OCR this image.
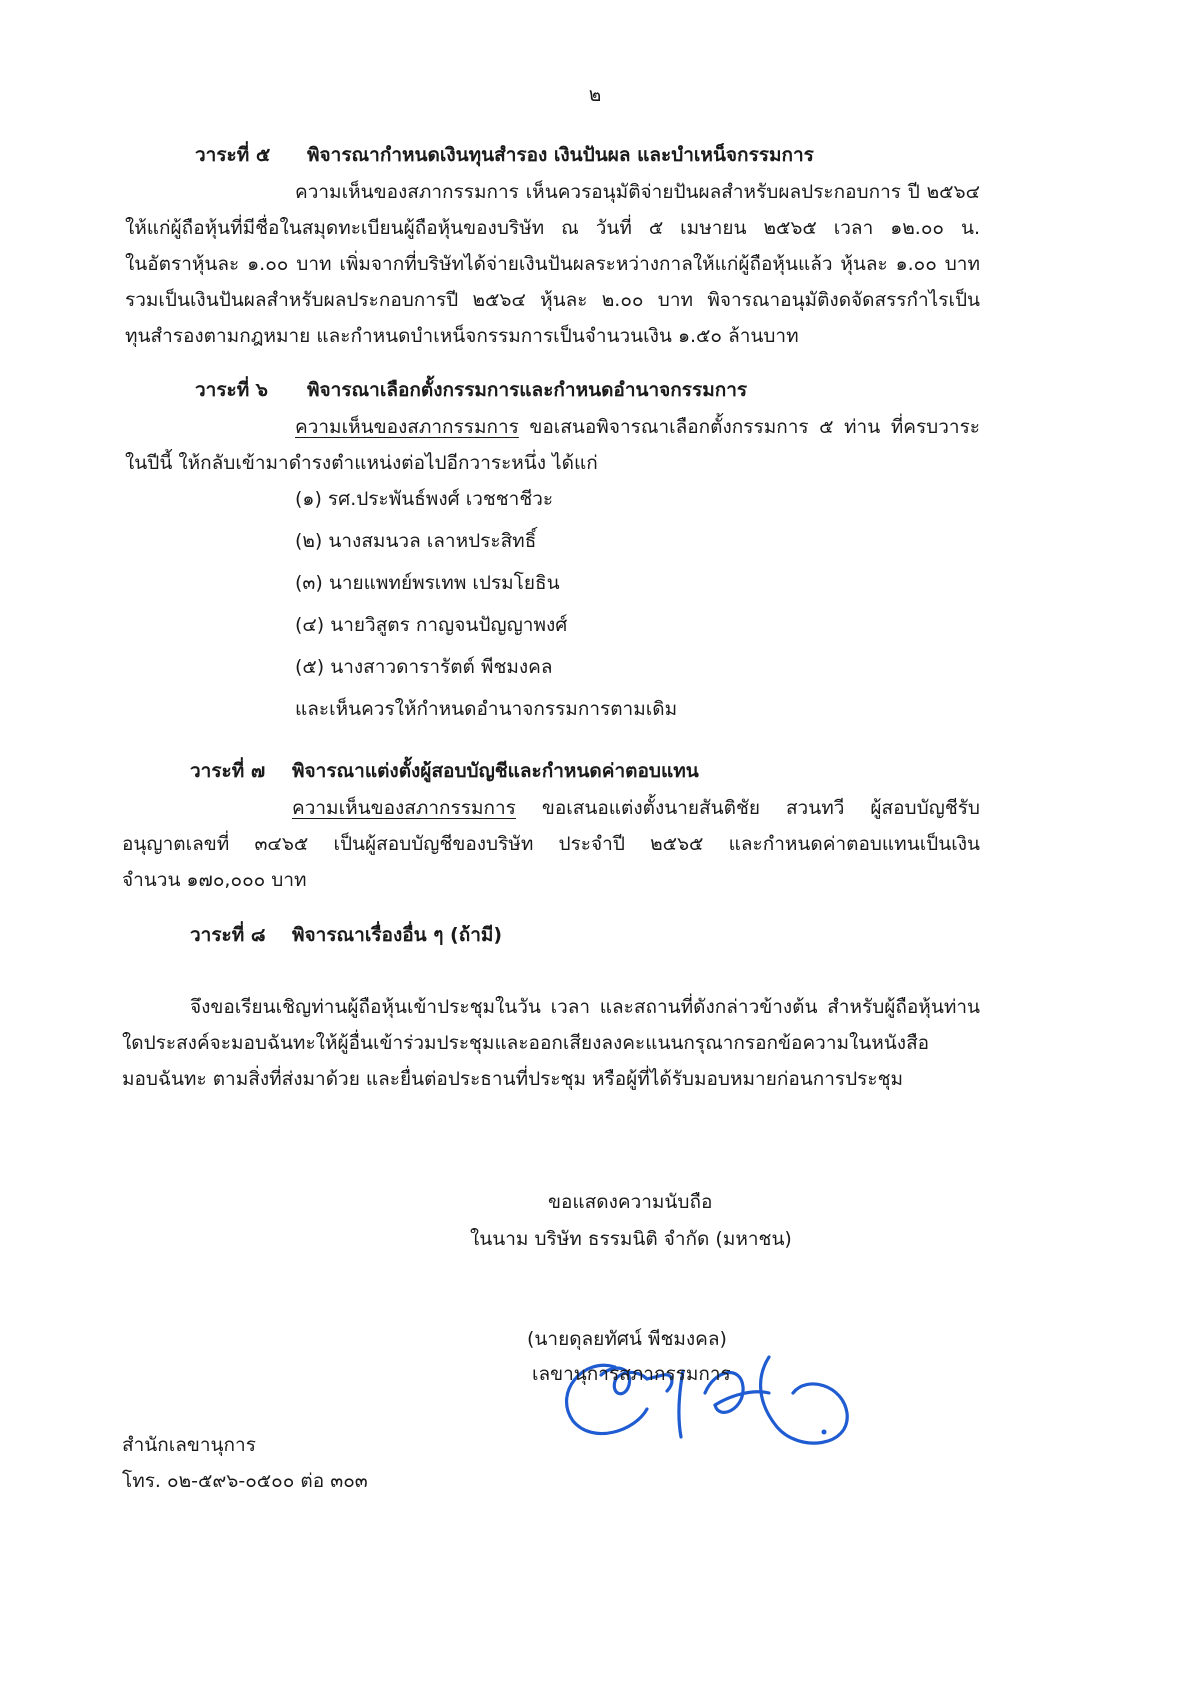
๒
วาระที่ ๕ พิจารณากำหนดเงินทุนสำรอง เงินปันผล และบำเหน็จกรรมการ
ความเห็นของสภากรรมการ เห็นควรอนุมัติจ่ายปันผลสำหรับผลประกอบการ ปี ๒๕๖๔
ให้แก่ผู้ถือหุ้นที่มีชื่อในสมุดทะเบียนผู้ถือหุ้นของบริษัท ณ วันที่ ๕ เมษายน ๒๕๖๕ เวลา ๑๒.๐๐ น.
ในอัตราหุ้นละ ๑.๐๐ บาท เพิ่มจากที่บริษัทได้จ่ายเงินปันผลระหว่างกาลให้แก่ผู้ถือหุ้นแล้ว หุ้นละ ๑.๐๐ บาท
รวมเป็นเงินปันผลสำหรับผลประกอบการปี ๒๕๖๔ หุ้นละ ๒.๐๐ บาท พิจารณาอนุมัติงดจัดสรรกำไรเป็น
ทุนสำรองตามกฎหมาย และกำหนดบำเหน็จกรรมการเป็นจำนวนเงิน ๑.๕๐ ล้านบาท
วาระที่ ๖ พิจารณาเลือกตั้งกรรมการและกำหนดอำนาจกรรมการ
ความเห็นของสภากรรมการ ขอเสนอพิจารณาเลือกตั้งกรรมการ ๕ ท่าน ที่ครบวาระ
ในปีนี้ ให้กลับเข้ามาดำรงตำแหน่งต่อไปอีกวาระหนึ่ง ได้แก่
(๑) รศ.ประพันธ์พงศ์ เวชชาชีวะ
(๒) นางสมนวล เลาหประสิทธิ์
(๓) นายแพทย์พรเทพ เปรมโยธิน
(๔) นายวิสูตร กาญจนปัญญาพงศ์
(๕) นางสาวดารารัตต์ พีชมงคล
และเห็นควรให้กำหนดอำนาจกรรมการตามเดิม
วาระที่ ๗ พิจารณาแต่งตั้งผู้สอบบัญชีและกำหนดค่าตอบแทน
ความเห็นของสภากรรมการ ขอเสนอแต่งตั้งนายสันติชัย สวนทวี ผู้สอบบัญชีรับ
อนุญาตเลขที่ ๓๔๖๕ เป็นผู้สอบบัญชีของบริษัท ประจำปี ๒๕๖๕ และกำหนดค่าตอบแทนเป็นเงิน
จำนวน ๑๗๐,๐๐๐ บาท
วาระที่ ๘ พิจารณาเรื่องอื่น ๆ (ถ้ามี)
จึงขอเรียนเชิญท่านผู้ถือหุ้นเข้าประชุมในวัน เวลา และสถานที่ดังกล่าวข้างต้น สำหรับผู้ถือหุ้นท่าน
ใดประสงค์จะมอบฉันทะให้ผู้อื่นเข้าร่วมประชุมและออกเสียงลงคะแนนกรุณากรอกข้อความในหนังสือ
มอบฉันทะ ตามสิ่งที่ส่งมาด้วย และยื่นต่อประธานที่ประชุม หรือผู้ที่ได้รับมอบหมายก่อนการประชุม
ขอแสดงความนับถือ
ในนาม บริษัท ธรรมนิติ จำกัด (มหาชน)
(นายดุลยทัศน์ พีชมงคล)
เลขานุการสภากรรมการ
สำนักเลขานุการ
โทร. ๐๒-๕๙๖-๐๕๐๐ ต่อ ๓๐๓
